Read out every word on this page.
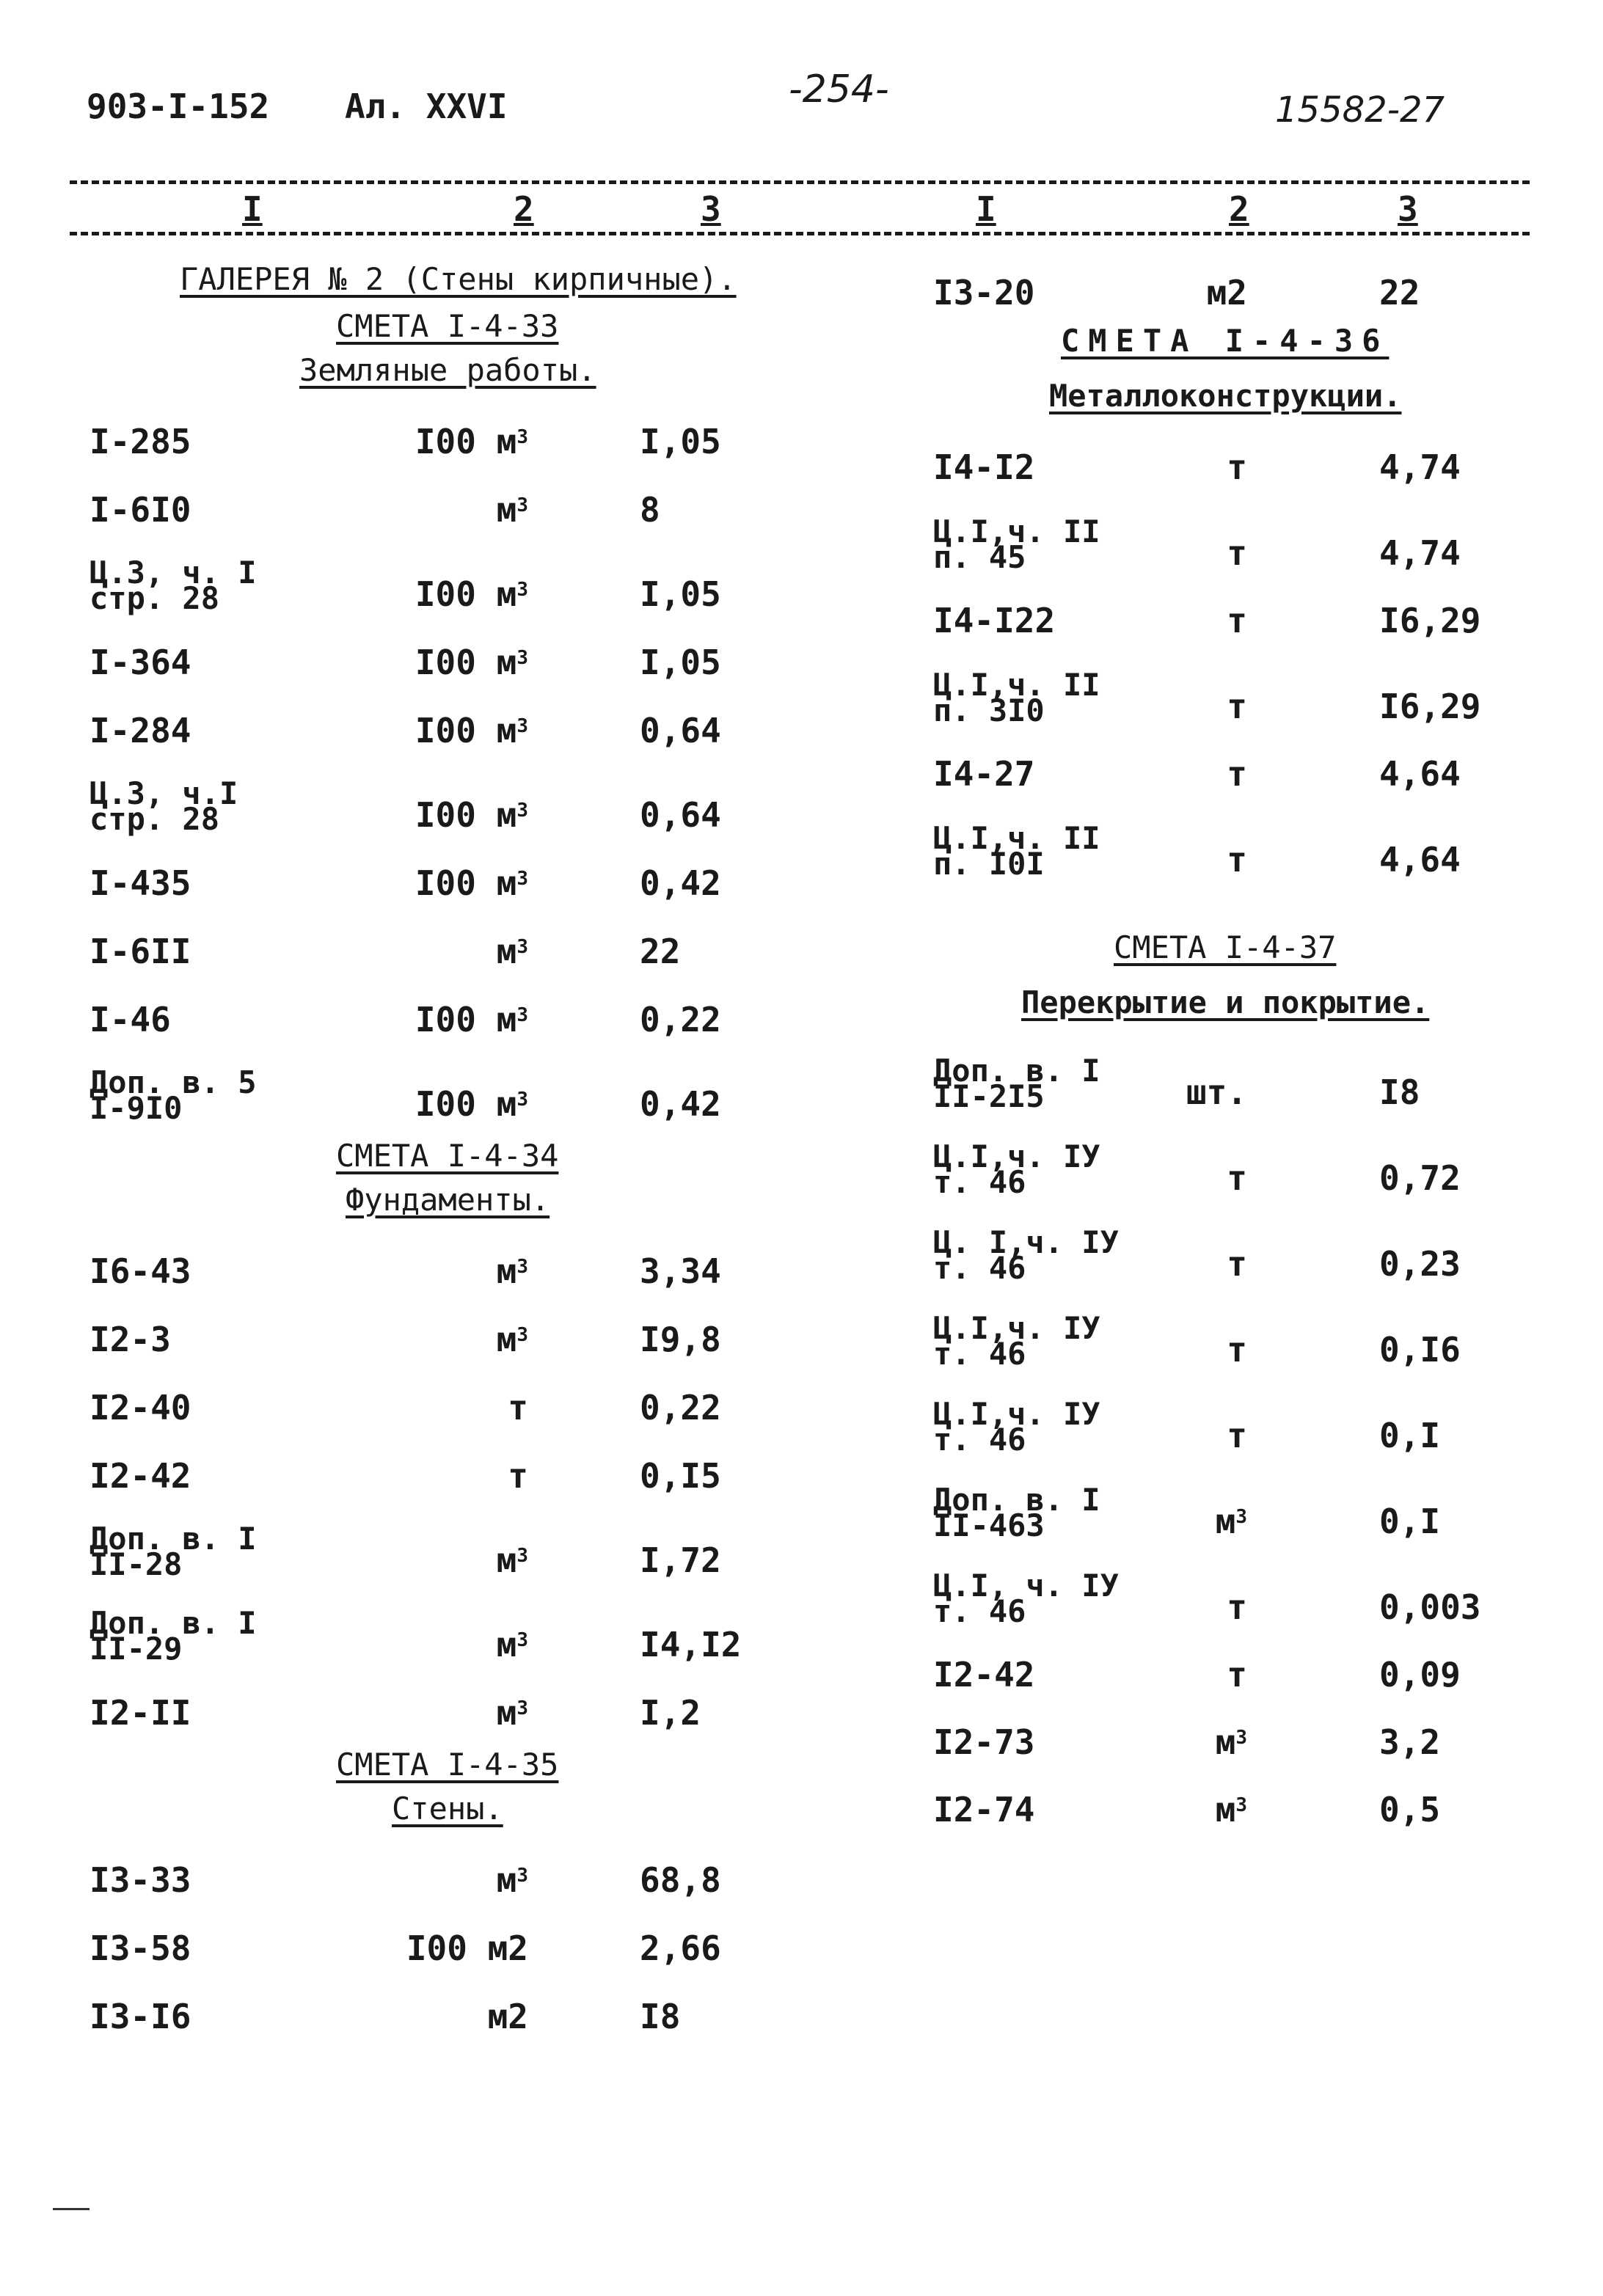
903-I-152 Ал. XXVI	-254-	15582-27
I	2	3	I	2	3
ГАЛЕРЕЯ № 2 (Стены кирпичные).
СМЕТА I-4-33
Земляные работы.
I-285	I00 $м^3$	I,05
I-6I0	$м^3$	8
Ц.3, ч. I
стр. 28	I00 $м^3$	I,05
I-364	I00 $м^3$	I,05
I-284	I00 $м^3$	0,64
Ц.3, ч.I
стр. 28	I00 $м^3$	0,64
I-435	I00 $м^3$	0,42
I-6II	$м^3$	22
I-46	I00 $м^3$	0,22
Доп. в. 5
I-9I0	I00 $м^3$	0,42
СМЕТА I-4-34
Фундаменты.
I6-43	$м^3$	3,34
I2-3	$м^3$	I9,8
I2-40	т	0,22
I2-42	т	0,I5
Доп. в. I
II-28	$м^3$	I,72
Доп. в. I
II-29	$м^3$	I4,I2
I2-II	$м^3$	I,2
СМЕТА I-4-35
Стены.
I3-33	$м^3$	68,8
I3-58	I00 м2	2,66
I3-I6	м2	I8
I3-20	м2	22
СМЕТА I-4-36
Металлоконструкции.
I4-I2	т	4,74
Ц.I,ч. II
п. 45	т	4,74
I4-I22	т	I6,29
Ц.I,ч. II
п. 3I0	т	I6,29
I4-27	т	4,64
Ц.I,ч. II
п. I0I	т	4,64
СМЕТА I-4-37
Перекрытие и покрытие.
Доп. в. I
II-2I5	шт.	I8
Ц.I,ч. IУ
т. 46	т	0,72
Ц. I,ч. IУ
т. 46	т	0,23
Ц.I,ч. IУ
т. 46	т	0,I6
Ц.I,ч. IУ
т. 46	т	0,I
Доп. в. I
II-463	$м^3$	0,I
Ц.I, ч. IУ
т. 46	т	0,003
I2-42	т	0,09
I2-73	$м^3$	3,2
I2-74	$м^3$	0,5
